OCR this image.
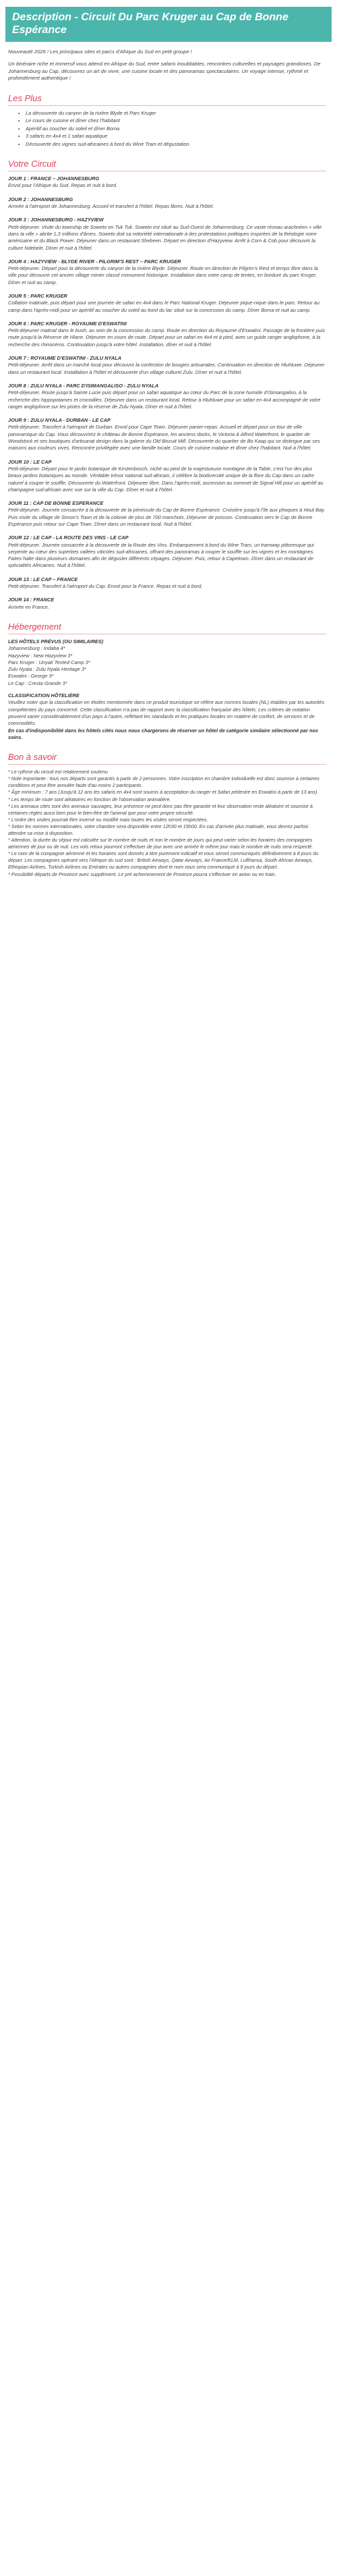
Description - Circuit Du Parc Kruger au Cap de Bonne Espérance

Nouveauté 2026 ! Les principaux sites et parcs d'Afrique du Sud en petit groupe !

Un itinéraire riche et immersif vous attend en Afrique du Sud, entre safaris inoubliables, rencontres culturelles et paysages grandioses. De Johannesburg au Cap, découvrez un art de vivre, une cuisine locale et des panoramas spectaculaires. Un voyage intense, rythmé et profondément authentique !

Les Plus
• La découverte du canyon de la rivière Blyde et Parc Kruger
• Le cours de cuisine et dîner chez l'habitant
• Apéritif au coucher du soleil et dîner Boma
• 3 safaris en 4x4 et 1 safari aquatique
• Découverte des vignes sud-africaines à bord du Wine Tram et dégustation
Votre Circuit
JOUR 1 : FRANCE – JOHANNESBURG
Envol pour l'Afrique du Sud. Repas et nuit à bord.
JOUR 2 : JOHANNESBURG
Arrivée à l'aéroport de Johannesburg. Accueil et transfert à l'hôtel. Repas libres. Nuit à l'hôtel.
JOUR 3 : JOHANNESBURG - HAZYVIEW
Petit-déjeuner. Visite du township de Soweto en Tuk Tuk. Soweto est situé au Sud-Ouest de Johannesburg. Ce vaste réseau arachnéen « ville dans la ville » abrite 1,3 millions d'âmes. Soweto doit sa notoriété internationale à des protestations politiques inspirées de la théologie noire américaine et du Black Power. Déjeuner dans un restaurant Shebeen. Départ en direction d'Hazyview. Arrêt à Corn & Cob pour découvrir la culture Ndebele. Dîner et nuit à l'hôtel.
JOUR 4 : HAZYVIEW - BLYDE RIVER - PILGRIM'S REST – PARC KRUGER
Petit-déjeuner. Départ pour la découverte du canyon de la rivière Blyde. Déjeuner. Route en direction de Pilgrim's Rest et temps libre dans la ville pour découvrir cet ancien village minier classé monument historique. Installation dans votre camp de tentes, en bordure du parc Kruger. Dîner et nuit au camp.
JOUR 5 : PARC KRUGER
Collation matinale, puis départ pour une journée de safari en 4x4 dans le Parc National Kruger. Déjeuner pique-nique dans le parc. Retour au camp dans l'après-midi pour un apéritif au coucher du soleil au bord du lac situé sur la concession du camp. Dîner Boma et nuit au camp.
JOUR 6 : PARC KRUGER - ROYAUME D'ESWATINI
Petit-déjeuner matinal dans le bush, au sein de la concession du camp. Route en direction du Royaume d'Eswatini. Passage de la frontière puis route jusqu'à la Réserve de Hlane. Déjeuner en cours de route. Départ pour un safari en 4x4 et à pied, avec un guide ranger anglophone, à la recherche des rhinocéros. Continuation jusqu'à votre hôtel. Installation, dîner et nuit à l'hôtel.
JOUR 7 : ROYAUME D'ESWATINI - ZULU NYALA
Petit-déjeuner. Arrêt dans un marché local pour découvrir la confection de bougies artisanales. Continuation en direction de Hluhluwe. Déjeuner dans un restaurant local. Installation à l'hôtel et découverte d'un village culturel Zulu. Dîner et nuit à l'hôtel.
JOUR 8 : ZULU NYALA - PARC D'ISIMANGALISO - ZULU NYALA
Petit-déjeuner. Route jusqu'à Sainte Lucie puis départ pour un safari aquatique au cœur du Parc de la zone humide d'iSimangaliso, à la recherche des hippopotames et crocodiles. Déjeuner dans un restaurant local. Retour à Hluhluwe pour un safari en 4x4 accompagné de votre ranger anglophone sur les pistes de la réserve de Zulu Nyala. Dîner et nuit à l'hôtel.
JOUR 9 : ZULU NYALA - DURBAN - LE CAP
Petit-déjeuner. Transfert à l'aéroport de Durban. Envol pour Cape Town. Déjeuner panier-repas. Accueil et départ pour un tour de ville panoramique du Cap. Vous découvrirez le château de Bonne Espérance, les anciens docks, le Victoria & Alfred Waterfront, le quartier de Woodstock et ses boutiques d'artisanat design dans la galerie du Old Biscuit Mill. Découverte du quartier de Bo Kaap qui se distingue par ses maisons aux couleurs vives. Rencontre privilégiée avec une famille locale. Cours de cuisine malaise et dîner chez l'habitant. Nuit à l'hôtel.
JOUR 10 : LE CAP
Petit-déjeuner. Départ pour le jardin botanique de Kirstenbosch, niché au pied de la majestueuse montagne de la Table, c'est l'un des plus beaux jardins botaniques au monde. Véritable trésor national sud-africain, il célèbre la biodiversité unique de la flore du Cap dans un cadre naturel à couper le souffle. Découverte du Waterfront. Déjeuner libre. Dans l'après-midi, ascension au sommet de Signal Hill pour un apéritif au champagne sud-africain avec vue sur la ville du Cap. Dîner et nuit à l'hôtel.
JOUR 11 : CAP DE BONNE ESPERANCE
Petit-déjeuner. Journée consacrée à la découverte de la péninsule du Cap de Bonne Espérance. Croisière jusqu'à l'île aux phoques à Hout Bay. Puis visite du village de Simon's Town et de la colonie de plus de 700 manchots. Déjeuner de poisson. Continuation vers le Cap de Bonne Espérance puis retour sur Cape Town. Dîner dans un restaurant local. Nuit à l'hôtel.
JOUR 12 : LE CAP - LA ROUTE DES VINS - LE CAP
Petit-déjeuner. Journée consacrée à la découverte de la Route des Vins. Embarquement à bord du Wine Tram, un tramway pittoresque qui serpente au cœur des superbes vallées viticoles sud-africaines, offrant des panoramas à couper le souffle sur les vignes et les montagnes. Faites halte dans plusieurs domaines afin de déguster différents cépages. Déjeuner. Puis, retour à Capetown. Dîner dans un restaurant de spécialités Africaines. Nuit à l'hôtel.
JOUR 13 : LE CAP – FRANCE
Petit-déjeuner. Transfert à l'aéroport du Cap. Envol pour la France. Repas et nuit à bord.
JOUR 14 : FRANCE
Arrivée en France.
Hébergement
LES HÔTELS PRÉVUS (OU SIMILAIRES)
Johannesburg : Indaba 4*
Hazyview : New Hazyview 3*
Parc Kruger : Unyati Tented Camp 3*
Zulu Nyala : Zulu Nyala Heritage 3*
Eswatini : George 3*
Le Cap : Cresta Grande 3*
CLASSIFICATION HÔTELIÈRE
Veuillez noter que la classification en étoiles mentionnée dans ce produit touristique se réfère aux normes locales (NL) établies par les autorités compétentes du pays concerné. Cette classification n'a pas de rapport avec la classification française des hôtels. Les critères de notation peuvent varier considérablement d'un pays à l'autre, reflétant les standards et les pratiques locales en matière de confort, de services et de commodités.
En cas d'indisponibilité dans les hôtels cités nous nous chargerons de réserver un hôtel de catégorie similaire sélectionné par nos soins.
Bon à savoir

* Le rythme du circuit est relativement soutenu

* Note importante : tous nos départs sont garantis à partir de 2 personnes. Votre inscription en chambre individuelle est donc soumise à certaines conditions et peut être annulée faute d'au moins 2 participants.

* Âge minimum : 7 ans (Jusqu'à 12 ans les safaris en 4x4 sont soumis à acceptation du ranger et Safari pédestre en Eswatini à partir de 13 ans)

* Les temps de route sont aléatoires en fonction de l'observation animalière.

* Les animaux cités sont des animaux sauvages, leur présence ne peut donc pas être garantie et leur observation reste aléatoire et soumise à certaines règles aussi bien pour le bien-être de l'animal que pour votre propre sécurité.

* L'ordre des visites pourrait être inversé ou modifié mais toutes les visites seront respectées.

* Selon les normes internationales, votre chambre sera disponible entre 12h30 et 15h00. En cas d'arrivée plus matinale, vous devrez parfois attendre sa mise à disposition.

* Attention, la durée du séjour est calculée sur le nombre de nuits et non le nombre de jours qui peut varier selon les horaires des compagnies aériennes de jour ou de nuit. Les vols retour pourront s'effectuer de jour avec une arrivée le même jour mais le nombre de nuits sera respecté.

* Le nom de la compagnie aérienne et les horaires sont donnés à titre purement indicatif et vous seront communiqués définitivement à 8 jours du départ. Les compagnies opérant vers l'Afrique du sud sont : British Airways, Qatar Airways, Air France/KLM, Lufthansa, South African Airways, Ethiopian Airlines, Turkish Airlines ou Emirates ou autres compagnies dont le nom vous sera communiqué à 8 jours du départ.

* Possibilité départs de Province avec supplément. Le pré acheminement de Province pourra s'effectuer en avion ou en train.
